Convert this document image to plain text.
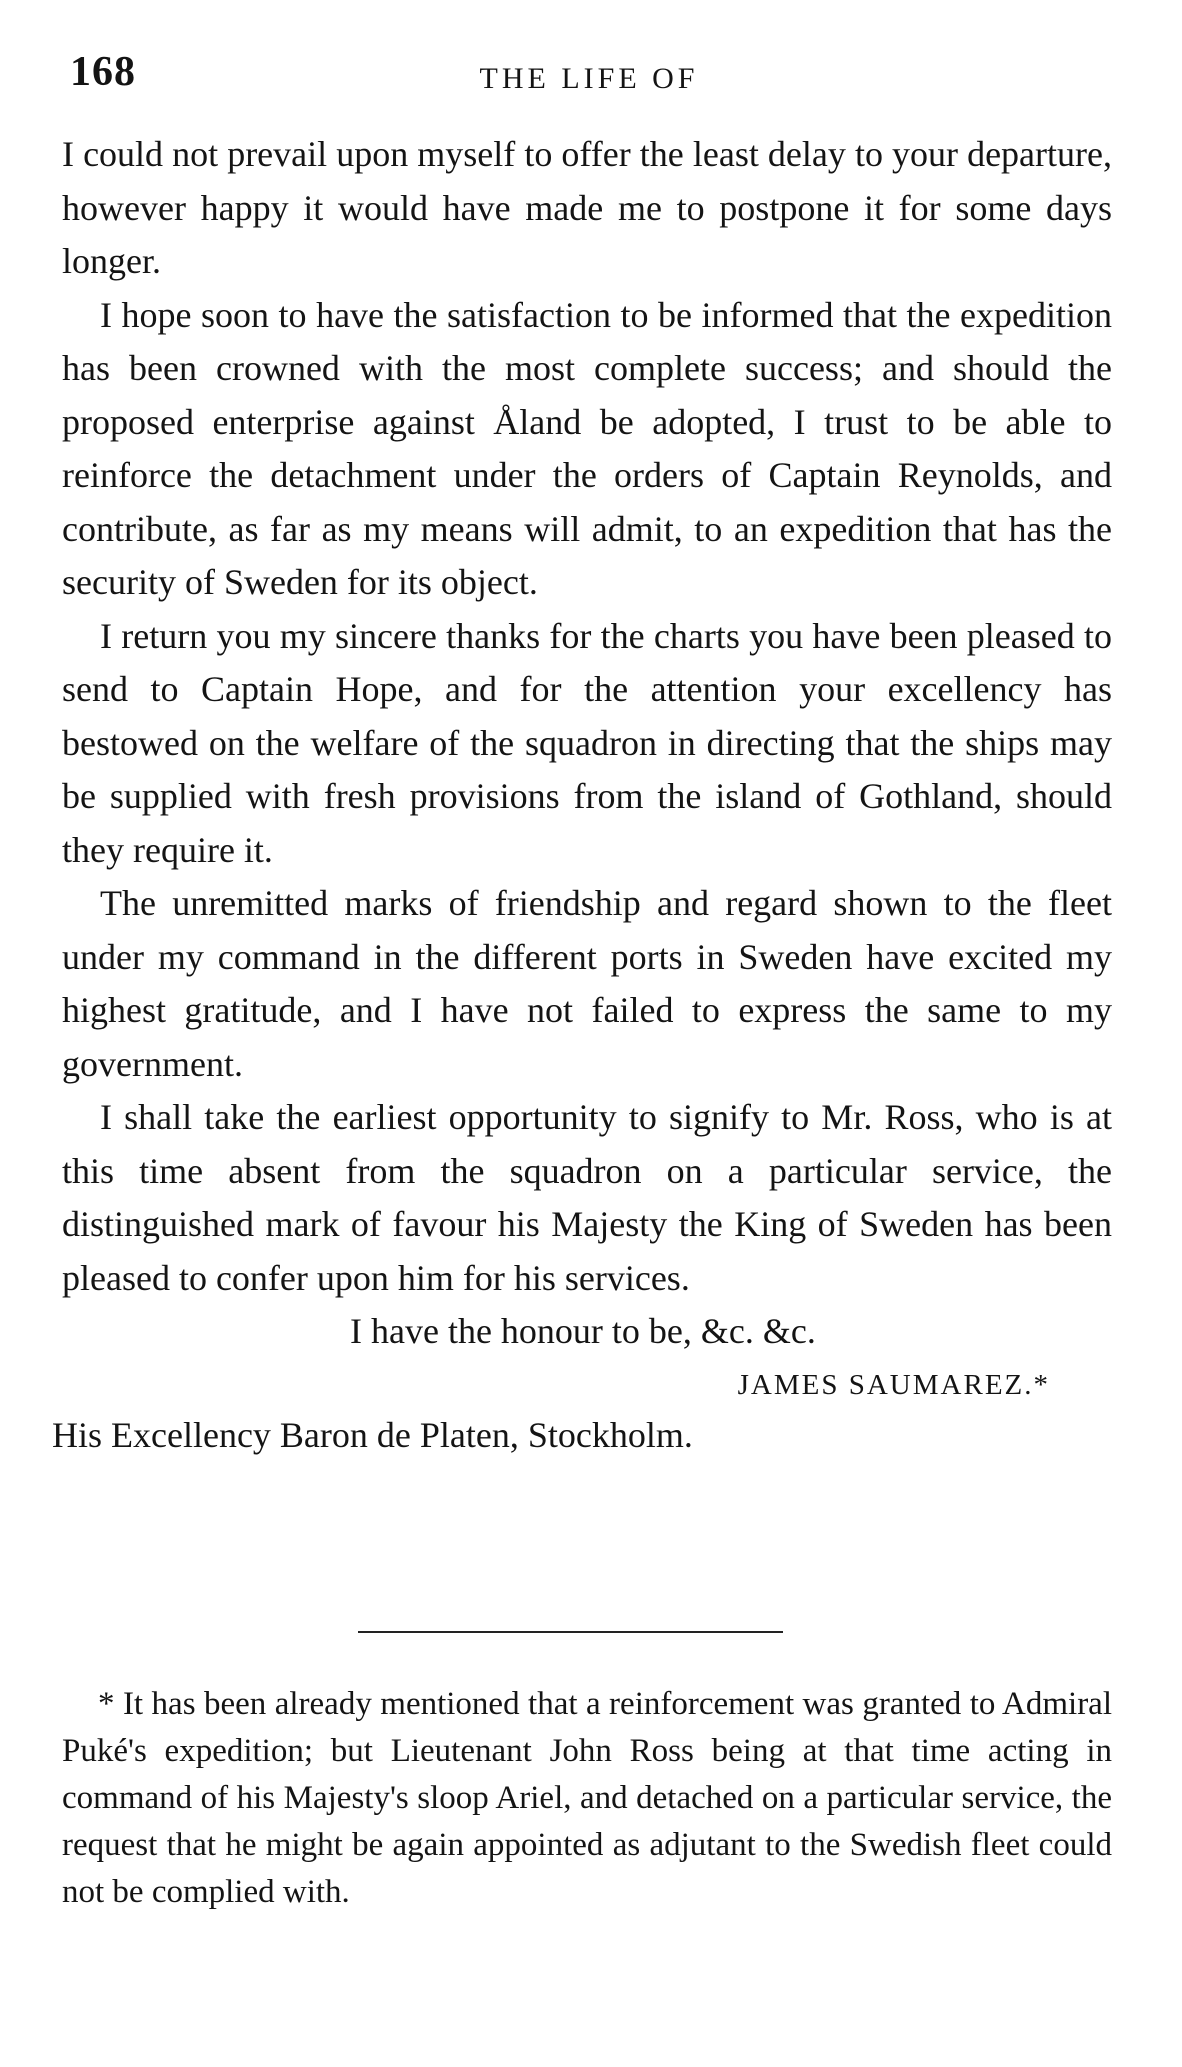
168	THE LIFE OF

I could not prevail upon myself to offer the least delay to your departure, however happy it would have made me to postpone it for some days longer.

I hope soon to have the satisfaction to be informed that the expedition has been crowned with the most complete success; and should the proposed enterprise against Åland be adopted, I trust to be able to reinforce the detachment under the orders of Captain Reynolds, and contribute, as far as my means will admit, to an expedition that has the security of Sweden for its object.

I return you my sincere thanks for the charts you have been pleased to send to Captain Hope, and for the attention your excellency has bestowed on the welfare of the squadron in directing that the ships may be supplied with fresh provisions from the island of Gothland, should they require it.

The unremitted marks of friendship and regard shown to the fleet under my command in the different ports in Sweden have excited my highest gratitude, and I have not failed to express the same to my government.

I shall take the earliest opportunity to signify to Mr. Ross, who is at this time absent from the squadron on a particular service, the distinguished mark of favour his Majesty the King of Sweden has been pleased to confer upon him for his services.

I have the honour to be, &c. &c.

JAMES SAUMAREZ.*

His Excellency Baron de Platen, Stockholm.

* It has been already mentioned that a reinforcement was granted to Admiral Puké's expedition; but Lieutenant John Ross being at that time acting in command of his Majesty's sloop Ariel, and detached on a particular service, the request that he might be again appointed as adjutant to the Swedish fleet could not be complied with.
